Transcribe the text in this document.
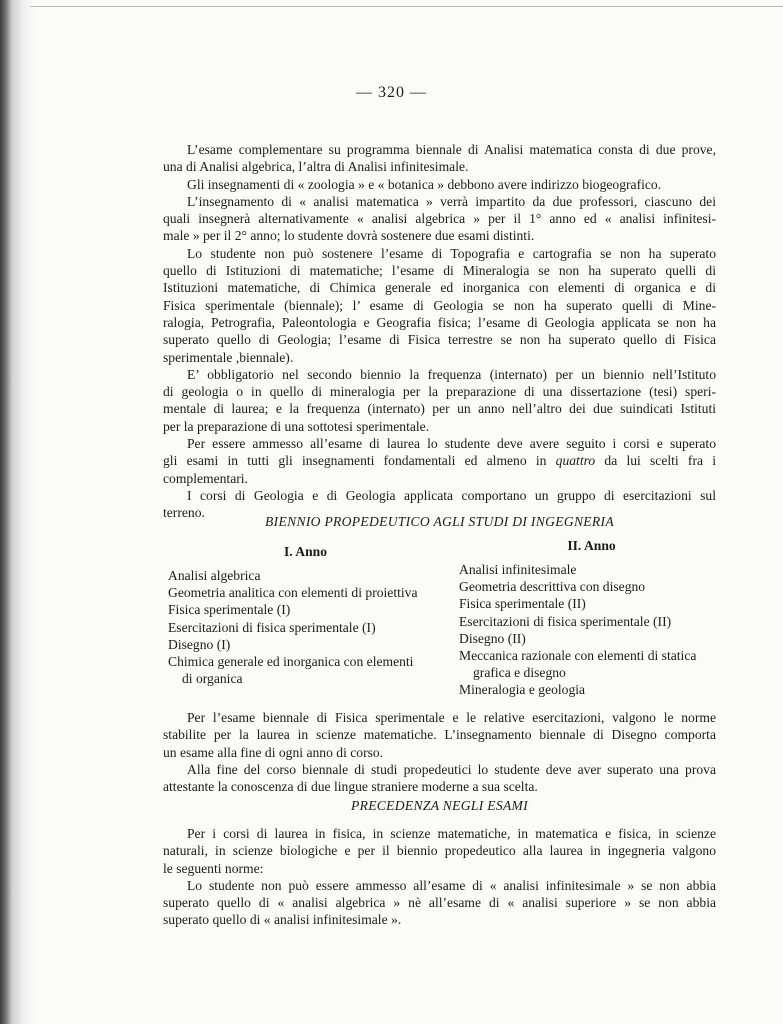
— 320 —
L’esame complementare su programma biennale di Analisi matematica consta di due prove,
una di Analisi algebrica, l’altra di Analisi infinitesimale.
Gli insegnamenti di « zoologia » e « botanica » debbono avere indirizzo biogeografico.
L’insegnamento di « analisi matematica » verrà impartito da due professori, ciascuno dei
quali insegnerà alternativamente « analisi algebrica » per il 1° anno ed « analisi infinitesi-
male » per il 2° anno; lo studente dovrà sostenere due esami distinti.
Lo studente non può sostenere l’esame di Topografia e cartografia se non ha superato
quello di Istituzioni di matematiche; l’esame di Mineralogia se non ha superato quelli di
Istituzioni matematiche, di Chimica generale ed inorganica con elementi di organica e di
Fisica sperimentale (biennale); l’ esame di Geologia se non ha superato quelli di Mine-
ralogia, Petrografia, Paleontologia e Geografia fisica; l’esame di Geologia applicata se non ha
superato quello di Geologia; l’esame di Fisica terrestre se non ha superato quello di Fisica
sperimentale ,biennale).
E’ obbligatorio nel secondo biennio la frequenza (internato) per un biennio nell’Istituto
di geologia o in quello di mineralogia per la preparazione di una dissertazione (tesi) speri-
mentale di laurea; e la frequenza (internato) per un anno nell’altro dei due suindicati Istituti
per la preparazione di una sottotesi sperimentale.
Per essere ammesso all’esame di laurea lo studente deve avere seguito i corsi e superato
gli esami in tutti gli insegnamenti fondamentali ed almeno in quattro da lui scelti fra i
complementari.
I corsi di Geologia e di Geologia applicata comportano un gruppo di esercitazioni sul
terreno.
BIENNIO PROPEDEUTICO AGLI STUDI DI INGEGNERIA
I. Anno
Analisi algebrica
Geometria analitica con elementi di proiettiva
Fisica sperimentale (I)
Esercitazioni di fisica sperimentale (I)
Disegno (I)
Chimica generale ed inorganica con elementi
di organica
II. Anno
Analisi infinitesimale
Geometria descrittiva con disegno
Fisica sperimentale (II)
Esercitazioni di fisica sperimentale (II)
Disegno (II)
Meccanica razionale con elementi di statica
grafica e disegno
Mineralogia e geologia
Per l’esame biennale di Fisica sperimentale e le relative esercitazioni, valgono le norme
stabilite per la laurea in scienze matematiche. L’insegnamento biennale di Disegno comporta
un esame alla fine di ogni anno di corso.
Alla fine del corso biennale di studi propedeutici lo studente deve aver superato una prova
attestante la conoscenza di due lingue straniere moderne a sua scelta.
PRECEDENZA NEGLI ESAMI
Per i corsi di laurea in fisica, in scienze matematiche, in matematica e fisica, in scienze
naturali, in scienze biologiche e per il biennio propedeutico alla laurea in ingegneria valgono
le seguenti norme:
Lo studente non può essere ammesso all’esame di « analisi infinitesimale » se non abbia
superato quello di « analisi algebrica » nè all’esame di « analisi superiore » se non abbia
superato quello di « analisi infinitesimale ».
